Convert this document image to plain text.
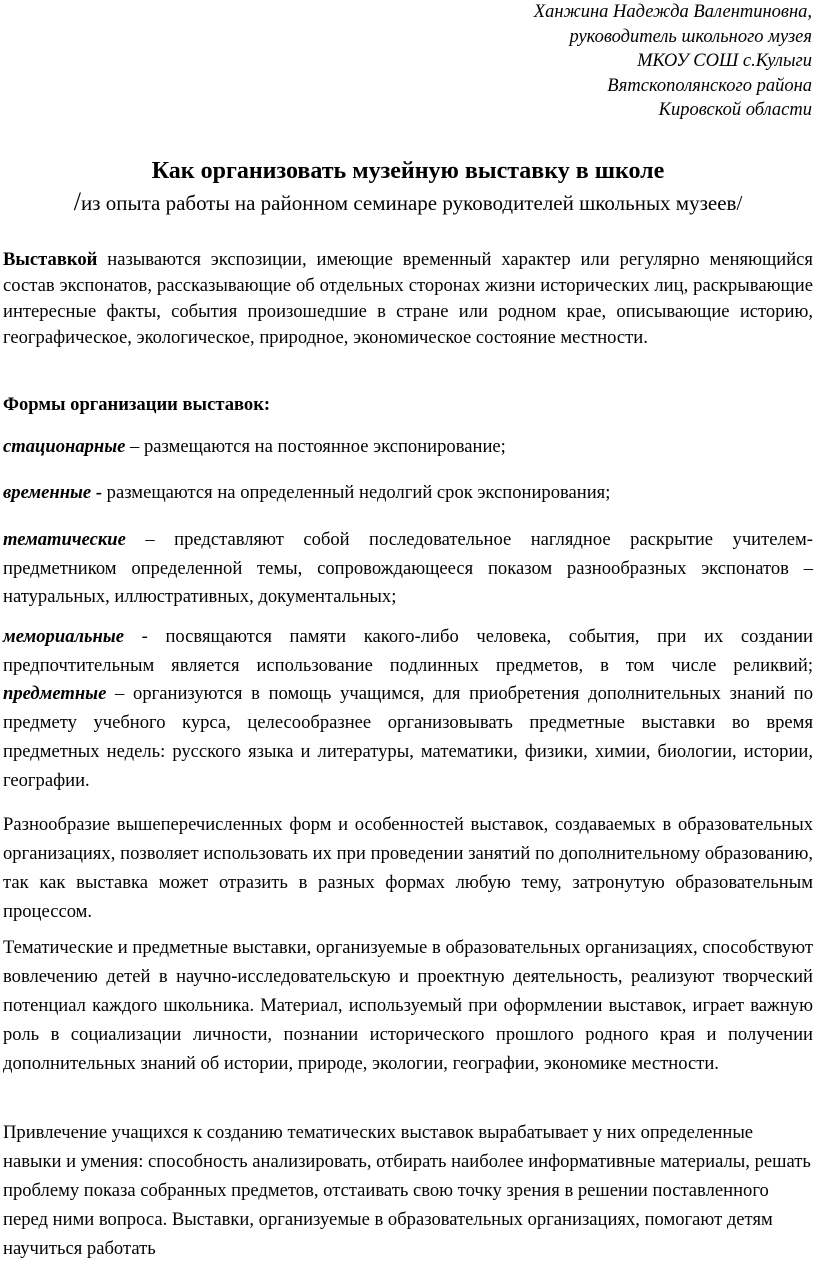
Ханжина Надежда Валентиновна,
руководитель школьного музея
МКОУ СОШ с.Кулыги
Вятскополянского района
Кировской области
Как организовать музейную выставку в школе
/из опыта работы на районном семинаре руководителей школьных музеев/
Выставкой называются экспозиции, имеющие временный характер или регулярно меняющийся состав экспонатов, рассказывающие об отдельных сторонах жизни исторических лиц, раскрывающие интересные факты, события произошедшие в стране или родном крае, описывающие историю, географическое, экологическое, природное, экономическое состояние местности.
Формы организации выставок:
стационарные – размещаются на постоянное экспонирование;
временные - размещаются на определенный недолгий срок экспонирования;
тематические – представляют собой последовательное наглядное раскрытие учителем-предметником определенной темы, сопровождающееся показом разнообразных экспонатов – натуральных, иллюстративных, документальных;
мемориальные - посвящаются памяти какого-либо человека, события, при их создании предпочтительным является использование подлинных предметов, в том числе реликвий; предметные – организуются в помощь учащимся, для приобретения дополнительных знаний по предмету учебного курса, целесообразнее организовывать предметные выставки во время предметных недель: русского языка и литературы, математики, физики, химии, биологии, истории, географии.
Разнообразие вышеперечисленных форм и особенностей выставок, создаваемых в образовательных организациях, позволяет использовать их при проведении занятий по дополнительному образованию, так как выставка может отразить в разных формах любую тему, затронутую образовательным процессом.
Тематические и предметные выставки, организуемые в образовательных организациях, способствуют вовлечению детей в научно-исследовательскую и проектную деятельность, реализуют творческий потенциал каждого школьника. Материал, используемый при оформлении выставок, играет важную роль в социализации личности, познании исторического прошлого родного края и получении дополнительных знаний об истории, природе, экологии, географии, экономике местности.
Привлечение учащихся к созданию тематических выставок вырабатывает у них определенные навыки и умения: способность анализировать, отбирать наиболее информативные материалы, решать проблему показа собранных предметов, отстаивать свою точку зрения в решении поставленного перед ними вопроса. Выставки, организуемые в образовательных организациях, помогают детям научиться работать
